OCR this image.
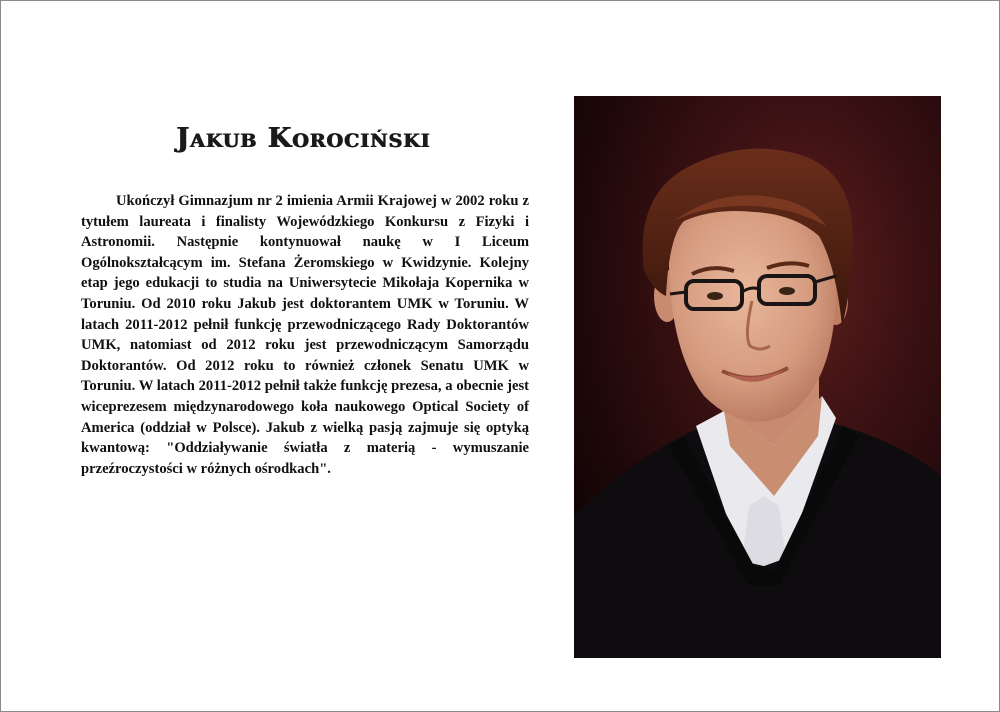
Jakub Korociński

Ukończył Gimnazjum nr 2 imienia Armii Krajowej w 2002 roku z tytułem laureata i finalisty Wojewódzkiego Konkursu z Fizyki i Astronomii. Następnie kontynuował naukę w I Liceum Ogólnokształcącym im. Stefana Żeromskiego w Kwidzynie. Kolejny etap jego edukacji to studia na Uniwersytecie Mikołaja Kopernika w Toruniu. Od 2010 roku Jakub jest doktorantem UMK w Toruniu. W latach 2011-2012 pełnił funkcję przewodniczącego Rady Doktorantów UMK, natomiast od 2012 roku jest przewodniczącym Samorządu Doktorantów. Od 2012 roku to również członek Senatu UMK w Toruniu. W latach 2011-2012 pełnił także funkcję prezesa, a obecnie jest wiceprezesem międzynarodowego koła naukowego Optical Society of America (oddział w Polsce). Jakub z wielką pasją zajmuje się optyką kwantową: "Oddziaływanie światła z materią - wymuszanie przeźroczystości w różnych ośrodkach".
